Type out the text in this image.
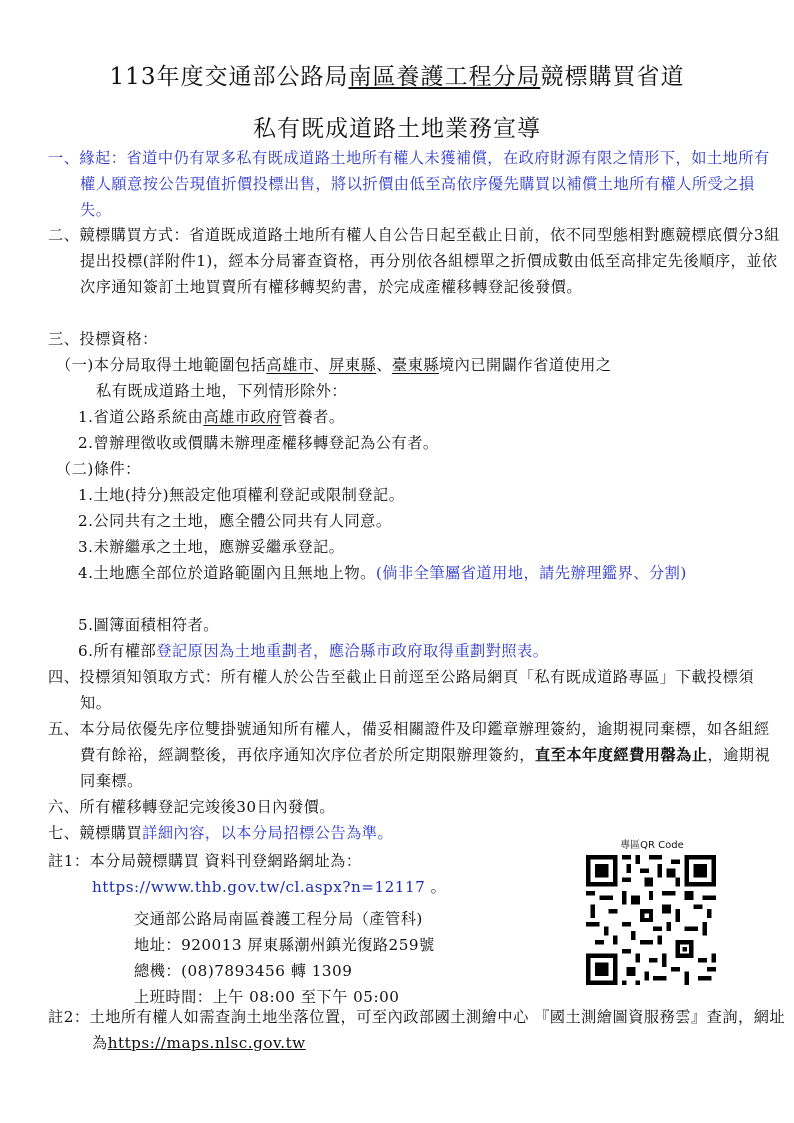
113年度交通部公路局南區養護工程分局競標購買省道
私有既成道路土地業務宣導
一、緣起：省道中仍有眾多私有既成道路土地所有權人未獲補償，在政府財源有限之情形下，如土地所有權人願意按公告現值折價投標出售，將以折價由低至高依序優先購買以補償土地所有權人所受之損失。
二、競標購買方式：省道既成道路土地所有權人自公告日起至截止日前，依不同型態相對應競標底價分3組提出投標(詳附件1)，經本分局審查資格，再分別依各組標單之折價成數由低至高排定先後順序，並依次序通知簽訂土地買賣所有權移轉契約書，於完成產權移轉登記後發價。
三、投標資格：
（一)本分局取得土地範圍包括高雄市、屏東縣、臺東縣境內已開闢作省道使用之
私有既成道路土地，下列情形除外：
1.省道公路系統由高雄市政府管養者。
2.曾辦理徵收或價購未辦理產權移轉登記為公有者。
（二)條件：
1.土地(持分)無設定他項權利登記或限制登記。
2.公同共有之土地，應全體公同共有人同意。
3.未辦繼承之土地，應辦妥繼承登記。
4.土地應全部位於道路範圍內且無地上物。(倘非全筆屬省道用地，請先辦理鑑界、分割)
5.圖簿面積相符者。
6.所有權部登記原因為土地重劃者，應洽縣市政府取得重劃對照表。
四、投標須知領取方式：所有權人於公告至截止日前逕至公路局網頁「私有既成道路專區」下載投標須知。
五、本分局依優先序位雙掛號通知所有權人，備妥相關證件及印鑑章辦理簽約，逾期視同棄標，如各組經費有餘裕，經調整後，再依序通知次序位者於所定期限辦理簽約，直至本年度經費用罄為止，逾期視同棄標。
六、所有權移轉登記完竣後30日內發價。
七、競標購買詳細內容，以本分局招標公告為準。
註1：本分局競標購買 資料刊登網路網址為：
https://www.thb.gov.tw/cl.aspx?n=12117 。
交通部公路局南區養護工程分局（產管科)
地址：920013 屏東縣潮州鎮光復路259號
總機：(08)7893456 轉 1309
上班時間：上午 08:00 至下午 05:00
專區QR Code
註2：土地所有權人如需查詢土地坐落位置，可至內政部國土測繪中心 『國土測繪圖資服務雲』查詢，網址為https://maps.nlsc.gov.tw
